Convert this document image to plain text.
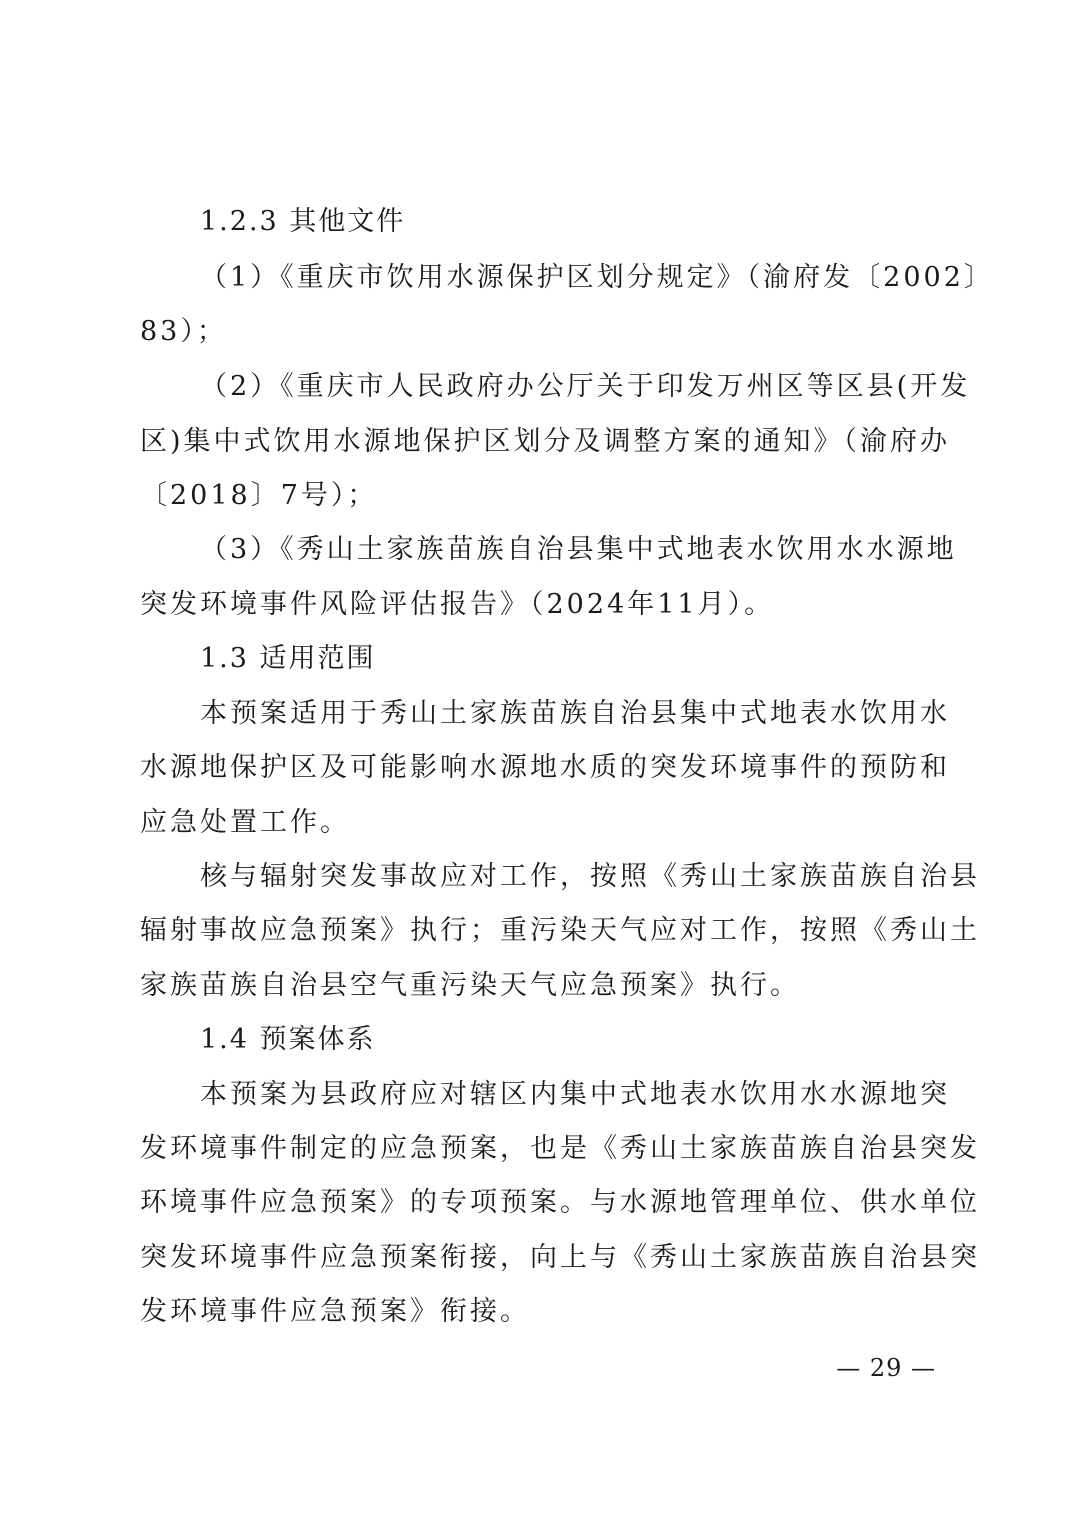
1.2.3 其他文件
（1）《重庆市饮用水源保护区划分规定》（渝府发〔2002〕
83）；
（2）《重庆市人民政府办公厅关于印发万州区等区县(开发
区)集中式饮用水源地保护区划分及调整方案的通知》（渝府办
〔2018〕7号）；
（3）《秀山土家族苗族自治县集中式地表水饮用水水源地
突发环境事件风险评估报告》（2024年11月）。
1.3 适用范围
本预案适用于秀山土家族苗族自治县集中式地表水饮用水
水源地保护区及可能影响水源地水质的突发环境事件的预防和
应急处置工作。
核与辐射突发事故应对工作，按照《秀山土家族苗族自治县
辐射事故应急预案》执行；重污染天气应对工作，按照《秀山土
家族苗族自治县空气重污染天气应急预案》执行。
1.4 预案体系
本预案为县政府应对辖区内集中式地表水饮用水水源地突
发环境事件制定的应急预案，也是《秀山土家族苗族自治县突发
环境事件应急预案》的专项预案。与水源地管理单位、供水单位
突发环境事件应急预案衔接，向上与《秀山土家族苗族自治县突
发环境事件应急预案》衔接。
— 29 —
